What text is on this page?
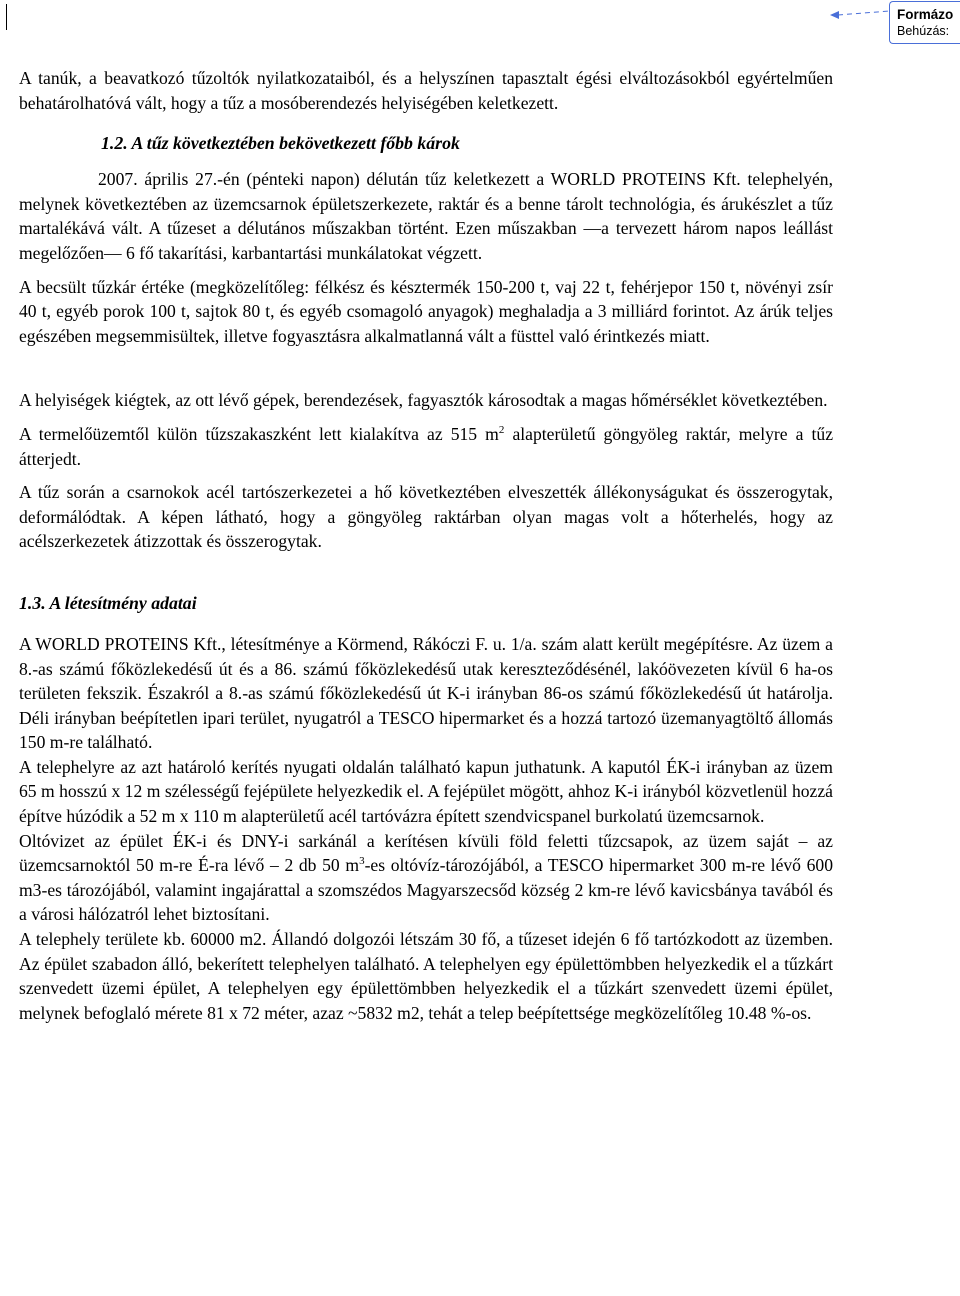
Formázo
Behúzás:

A tanúk, a beavatkozó tűzoltók nyilatkozataiból, és a helyszínen tapasztalt égési elváltozásokból egyértelműen behatárolhatóvá vált, hogy a tűz a mosóberendezés helyiségében keletkezett.

1.2. A tűz következtében bekövetkezett főbb károk

2007. április 27.-én (pénteki napon) délután tűz keletkezett a WORLD PROTEINS Kft. telephelyén, melynek következtében az üzemcsarnok épületszerkezete, raktár és a benne tárolt technológia, és árukészlet a tűz martalékává vált. A tűzeset a délutános műszakban történt. Ezen műszakban —a tervezett három napos leállást megelőzően— 6 fő takarítási, karbantartási munkálatokat végzett.

A becsült tűzkár értéke (megközelítőleg: félkész és késztermék 150-200 t, vaj 22 t, fehérjepor 150 t, növényi zsír 40 t, egyéb porok 100 t, sajtok 80 t, és egyéb csomagoló anyagok) meghaladja a 3 milliárd forintot. Az árúk teljes egészében megsemmisültek, illetve fogyasztásra alkalmatlanná vált a füsttel való érintkezés miatt.

A helyiségek kiégtek, az ott lévő gépek, berendezések, fagyasztók károsodtak a magas hőmérséklet következtében.

A termelőüzemtől külön tűzszakaszként lett kialakítva az 515 $m^2$ alapterületű göngyöleg raktár, melyre a tűz átterjedt.

A tűz során a csarnokok acél tartószerkezetei a hő következtében elveszették állékonyságukat és összerogytak, deformálódtak. A képen látható, hogy a göngyöleg raktárban olyan magas volt a hőterhelés, hogy az acélszerkezetek átizzottak és összerogytak.

1.3. A létesítmény adatai

A WORLD PROTEINS Kft., létesítménye a Körmend, Rákóczi F. u. 1/a. szám alatt került megépítésre. Az üzem a 8.-as számú főközlekedésű út és a 86. számú főközlekedésű utak kereszteződésénél, lakóövezeten kívül 6 ha-os területen fekszik. Északról a 8.-as számú főközlekedésű út K-i irányban 86-os számú főközlekedésű út határolja. Déli irányban beépítetlen ipari terület, nyugatról a TESCO hipermarket és a hozzá tartozó üzemanyagtöltő állomás 150 m-re található.

A telephelyre az azt határoló kerítés nyugati oldalán található kapun juthatunk. A kaputól ÉK-i irányban az üzem 65 m hosszú x 12 m szélességű fejépülete helyezkedik el. A fejépület mögött, ahhoz K-i irányból közvetlenül hozzá építve húzódik a 52 m x 110 m alapterületű acél tartóvázra épített szendvicspanel burkolatú üzemcsarnok.

Oltóvizet az épület ÉK-i és DNY-i sarkánál a kerítésen kívüli föld feletti tűzcsapok, az üzem saját – az üzemcsarnoktól 50 m-re É-ra lévő – 2 db 50 $m^3-es$ oltóvíz-tározójából, a TESCO hipermarket 300 m-re lévő 600 m3-es tározójából, valamint ingajárattal a szomszédos Magyarszecsőd község 2 km-re lévő kavicsbánya tavából és a városi hálózatról lehet biztosítani.

A telephely területe kb. 60000 m2. Állandó dolgozói létszám 30 fő, a tűzeset idején 6 fő tartózkodott az üzemben. Az épület szabadon álló, bekerített telephelyen található. A telephelyen egy épülettömbben helyezkedik el a tűzkárt szenvedett üzemi épület, A telephelyen egy épülettömbben helyezkedik el a tűzkárt szenvedett üzemi épület, melynek befoglaló mérete 81 x 72 méter, azaz ~5832 m2, tehát a telep beépítettsége megközelítőleg 10.48 %-os.
